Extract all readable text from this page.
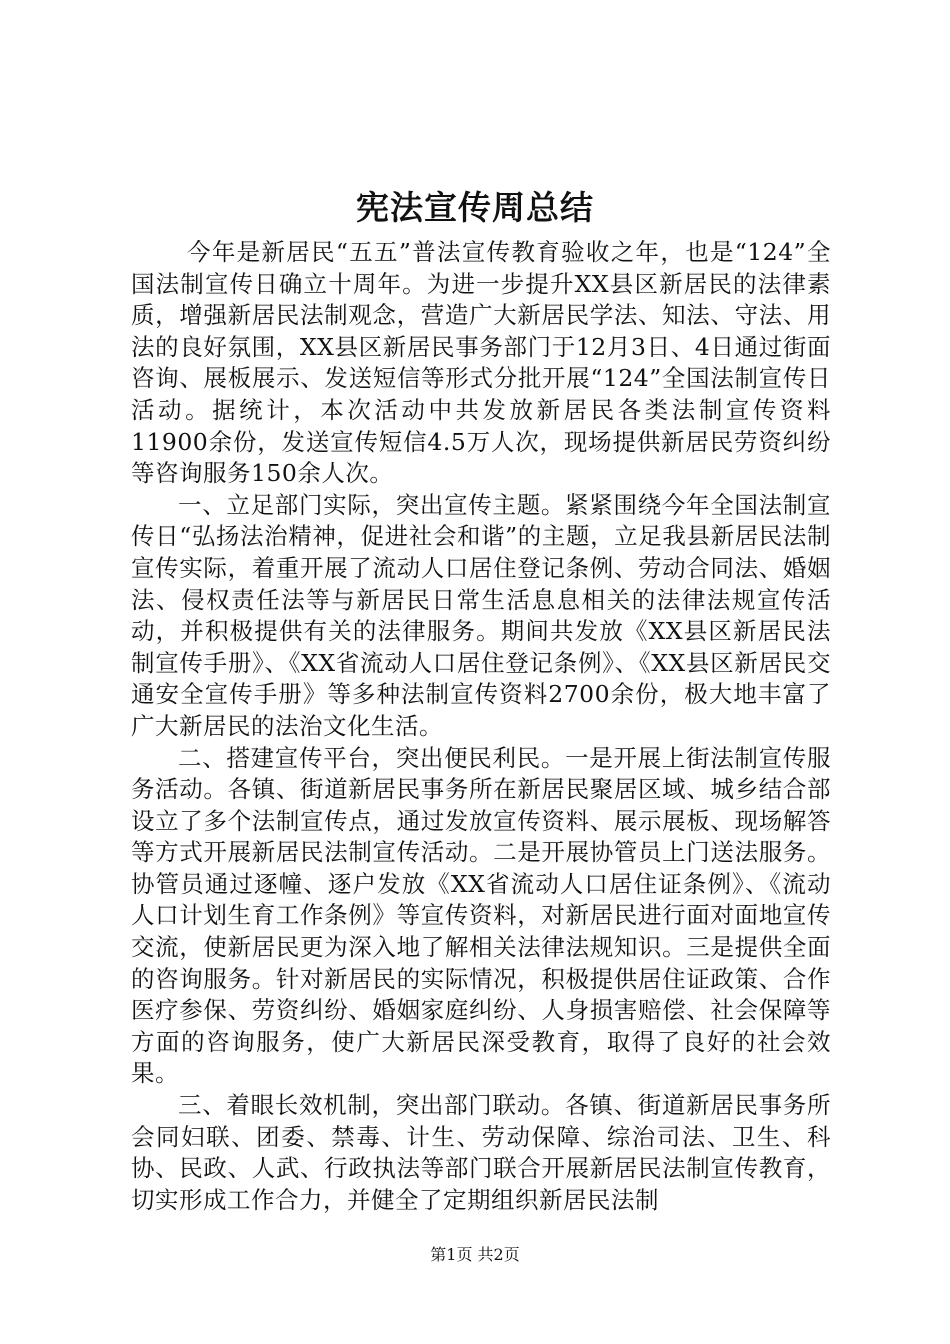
宪法宣传周总结

今年是新居民“五五”普法宣传教育验收之年，也是“124”全国法制宣传日确立十周年。为进一步提升XX县区新居民的法律素质，增强新居民法制观念，营造广大新居民学法、知法、守法、用法的良好氛围，XX县区新居民事务部门于12月3日、4日通过街面咨询、展板展示、发送短信等形式分批开展“124”全国法制宣传日活动。据统计，本次活动中共发放新居民各类法制宣传资料11900余份，发送宣传短信4.5万人次，现场提供新居民劳资纠纷等咨询服务150余人次。

一、立足部门实际，突出宣传主题。紧紧围绕今年全国法制宣传日“弘扬法治精神，促进社会和谐”的主题，立足我县新居民法制宣传实际，着重开展了流动人口居住登记条例、劳动合同法、婚姻法、侵权责任法等与新居民日常生活息息相关的法律法规宣传活动，并积极提供有关的法律服务。期间共发放《XX县区新居民法制宣传手册》、《XX省流动人口居住登记条例》、《XX县区新居民交通安全宣传手册》等多种法制宣传资料2700余份，极大地丰富了广大新居民的法治文化生活。

二、搭建宣传平台，突出便民利民。一是开展上街法制宣传服务活动。各镇、街道新居民事务所在新居民聚居区域、城乡结合部设立了多个法制宣传点，通过发放宣传资料、展示展板、现场解答等方式开展新居民法制宣传活动。二是开展协管员上门送法服务。协管员通过逐幢、逐户发放《XX省流动人口居住证条例》、《流动人口计划生育工作条例》等宣传资料，对新居民进行面对面地宣传交流，使新居民更为深入地了解相关法律法规知识。三是提供全面的咨询服务。针对新居民的实际情况，积极提供居住证政策、合作医疗参保、劳资纠纷、婚姻家庭纠纷、人身损害赔偿、社会保障等方面的咨询服务，使广大新居民深受教育，取得了良好的社会效果。

三、着眼长效机制，突出部门联动。各镇、街道新居民事务所会同妇联、团委、禁毒、计生、劳动保障、综治司法、卫生、科协、民政、人武、行政执法等部门联合开展新居民法制宣传教育，切实形成工作合力，并健全了定期组织新居民法制

第1页 共2页
